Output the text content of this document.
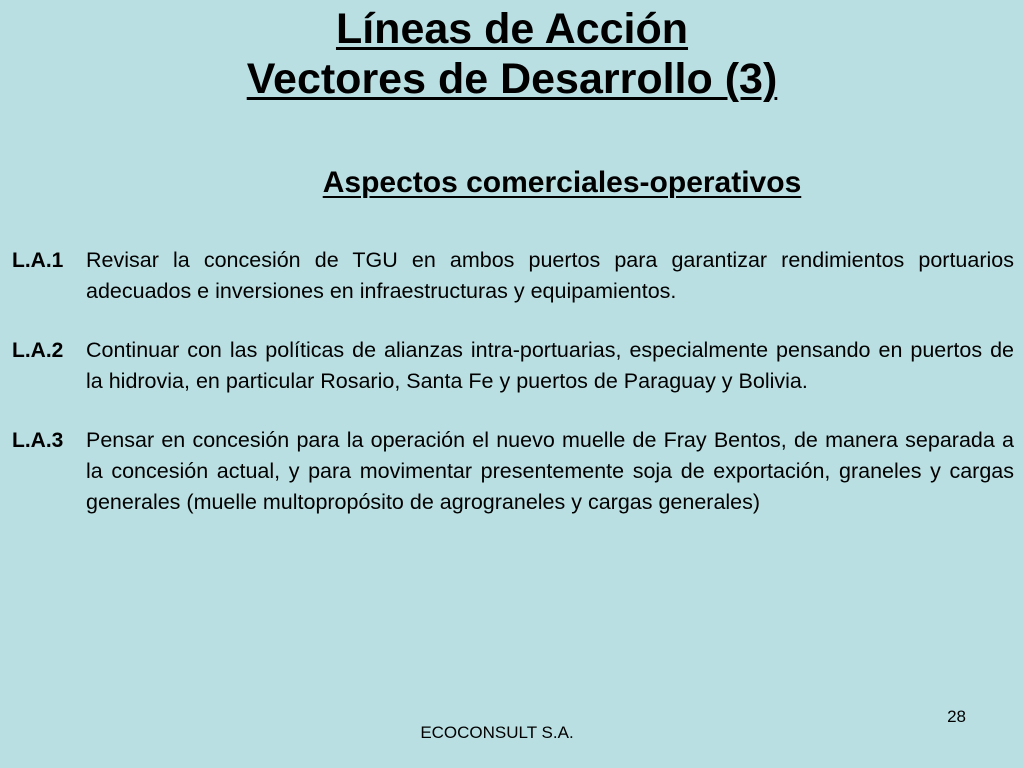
Líneas de Acción
Vectores de Desarrollo (3)
Aspectos comerciales-operativos
L.A.1	Revisar la concesión de TGU en ambos puertos para garantizar rendimientos portuarios adecuados e inversiones en infraestructuras y equipamientos.
L.A.2	Continuar con las políticas de alianzas intra-portuarias, especialmente pensando en puertos de la hidrovia, en particular Rosario, Santa Fe y puertos de Paraguay y Bolivia.
L.A.3	Pensar en concesión para la operación el nuevo muelle de Fray Bentos, de manera separada a la concesión actual, y para movimentar presentemente soja de exportación, graneles y cargas generales (muelle multopropósito de agrograneles y cargas generales)
28
ECOCONSULT S.A.
